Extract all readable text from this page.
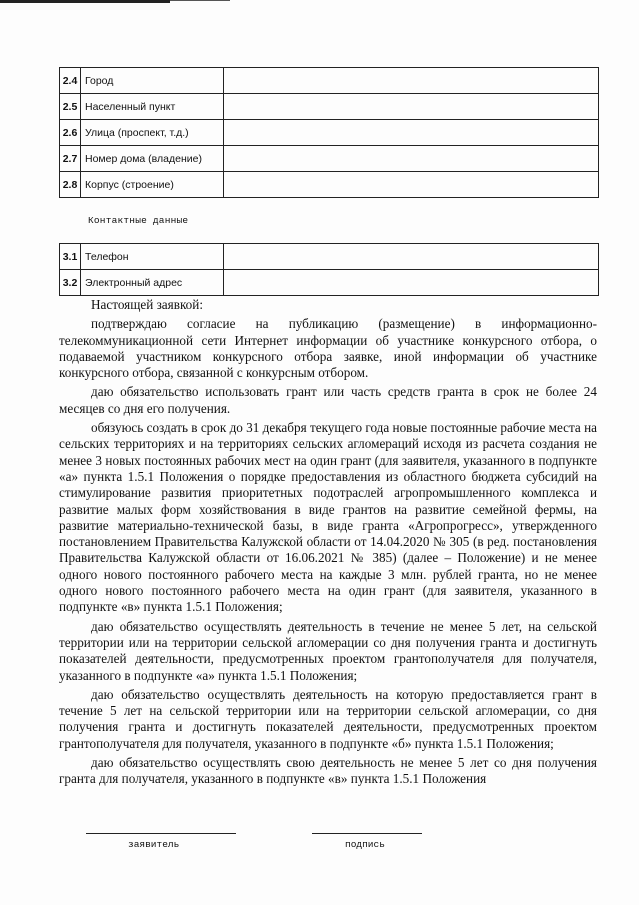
2.4	Город	
2.5	Населенный пункт	
2.6	Улица (проспект, т.д.)	
2.7	Номер дома (владение)	
2.8	Корпус (строение)	
Контактные данные
3.1	Телефон	
3.2	Электронный адрес	

Настоящей заявкой:

подтверждаю согласие на публикацию (размещение) в информационно-телекоммуникационной сети Интернет информации об участнике конкурсного отбора, о подаваемой участником конкурсного отбора заявке, иной информации об участнике конкурсного отбора, связанной с конкурсным отбором.

даю обязательство использовать грант или часть средств гранта в срок не более 24 месяцев со дня его получения.

обязуюсь создать в срок до 31 декабря текущего года новые постоянные рабочие места на сельских территориях и на территориях сельских агломераций исходя из расчета создания не менее 3 новых постоянных рабочих мест на один грант (для заявителя, указанного в подпункте «а» пункта 1.5.1 Положения о порядке предоставления из областного бюджета субсидий на стимулирование развития приоритетных подотраслей агропромышленного комплекса и развитие малых форм хозяйствования в виде грантов на развитие семейной фермы, на развитие материально-технической базы, в виде гранта «Агропрогресс», утвержденного постановлением Правительства Калужской области от 14.04.2020 № 305 (в ред. постановления Правительства Калужской области от 16.06.2021 № 385) (далее – Положение) и не менее одного нового постоянного рабочего места на каждые 3 млн. рублей гранта, но не менее одного нового постоянного рабочего места на один грант (для заявителя, указанного в подпункте «в» пункта 1.5.1 Положения;

даю обязательство осуществлять деятельность в течение не менее 5 лет, на сельской территории или на территории сельской агломерации со дня получения гранта и достигнуть показателей деятельности, предусмотренных проектом грантополучателя для получателя, указанного в подпункте «а» пункта 1.5.1 Положения;

даю обязательство осуществлять деятельность на которую предоставляется грант в течение 5 лет на сельской территории или на территории сельской агломерации, со дня получения гранта и достигнуть показателей деятельности, предусмотренных проектом грантополучателя для получателя, указанного в подпункте «б» пункта 1.5.1 Положения;

даю обязательство осуществлять свою деятельность не менее 5 лет со дня получения гранта для получателя, указанного в подпункте «в» пункта 1.5.1 Положения

заявитель	подпись
